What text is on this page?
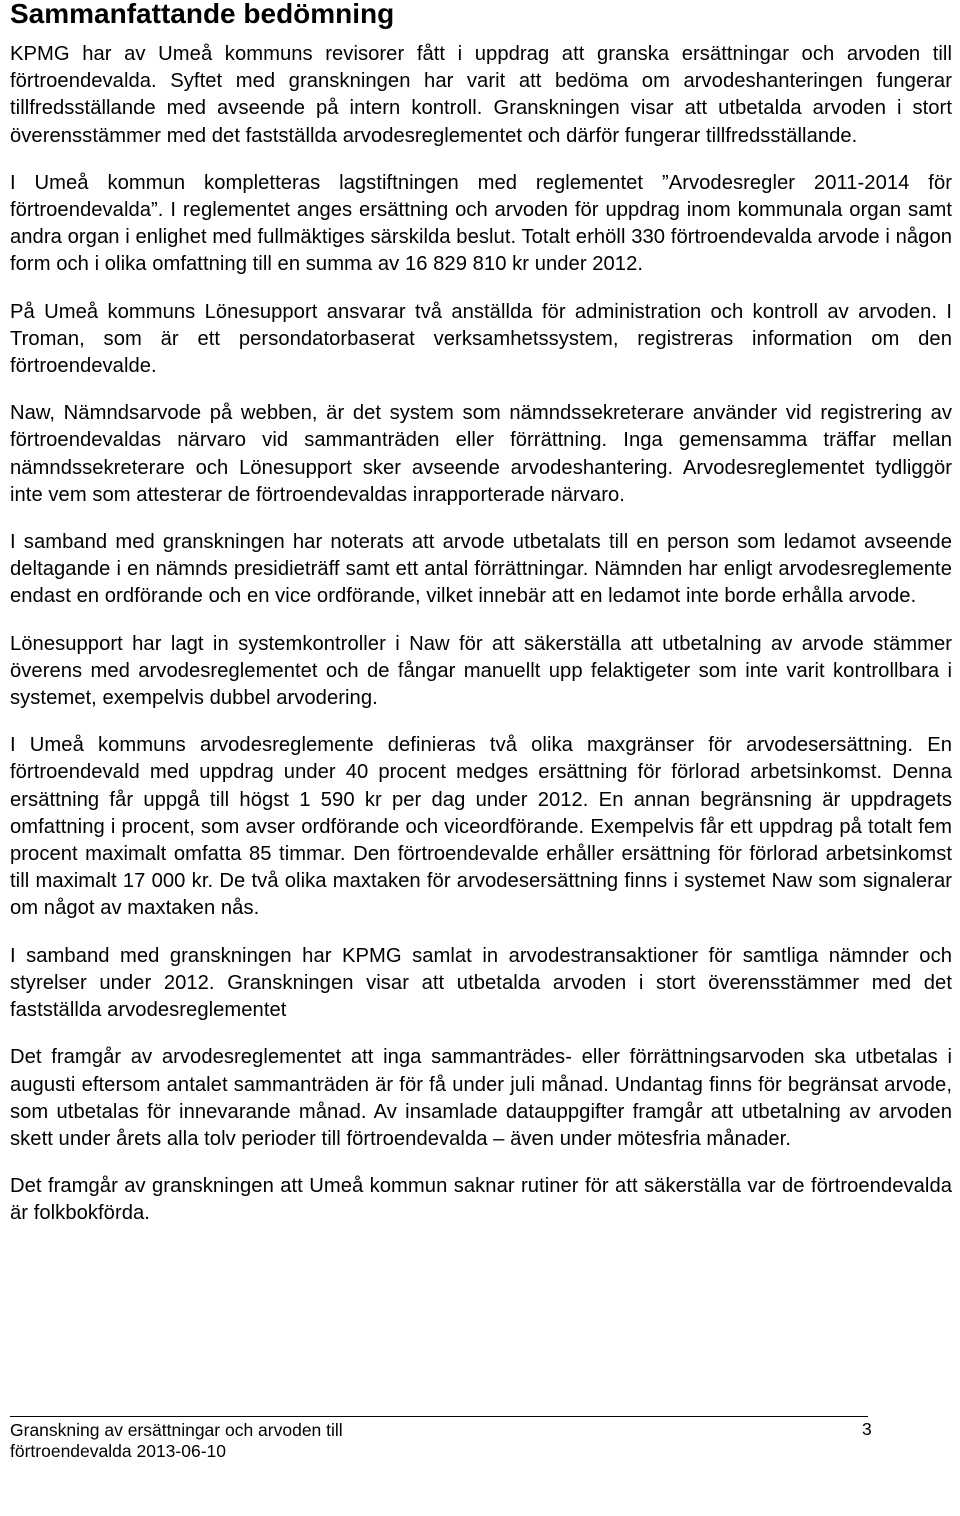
Sammanfattande bedömning

KPMG har av Umeå kommuns revisorer fått i uppdrag att granska ersättningar och arvoden till förtroendevalda. Syftet med granskningen har varit att bedöma om arvodeshanteringen fungerar tillfredsställande med avseende på intern kontroll. Granskningen visar att utbetalda arvoden i stort överensstämmer med det fastställda arvodesreglementet och därför fungerar tillfredsställande.

I Umeå kommun kompletteras lagstiftningen med reglementet ”Arvodesregler 2011-2014 för förtroendevalda”. I reglementet anges ersättning och arvoden för uppdrag inom kommunala organ samt andra organ i enlighet med fullmäktiges särskilda beslut. Totalt erhöll 330 förtroendevalda arvode i någon form och i olika omfattning till en summa av 16 829 810 kr under 2012.

På Umeå kommuns Lönesupport ansvarar två anställda för administration och kontroll av arvoden. I Troman, som är ett persondatorbaserat verksamhetssystem, registreras information om den förtroendevalde.

Naw, Nämndsarvode på webben, är det system som nämndssekreterare använder vid registrering av förtroendevaldas närvaro vid sammanträden eller förrättning. Inga gemensamma träffar mellan nämndssekreterare och Lönesupport sker avseende arvodeshantering. Arvodesreglementet tydliggör inte vem som attesterar de förtroendevaldas inrapporterade närvaro.

I samband med granskningen har noterats att arvode utbetalats till en person som ledamot avseende deltagande i en nämnds presidieträff samt ett antal förrättningar. Nämnden har enligt arvodesreglemente endast en ordförande och en vice ordförande, vilket innebär att en ledamot inte borde erhålla arvode.

Lönesupport har lagt in systemkontroller i Naw för att säkerställa att utbetalning av arvode stämmer överens med arvodesreglementet och de fångar manuellt upp felaktigeter som inte varit kontrollbara i systemet, exempelvis dubbel arvodering.

I Umeå kommuns arvodesreglemente definieras två olika maxgränser för arvodesersättning. En förtroendevald med uppdrag under 40 procent medges ersättning för förlorad arbetsinkomst. Denna ersättning får uppgå till högst 1 590 kr per dag under 2012. En annan begränsning är uppdragets omfattning i procent, som avser ordförande och viceordförande. Exempelvis får ett uppdrag på totalt fem procent maximalt omfatta 85 timmar. Den förtroendevalde erhåller ersättning för förlorad arbetsinkomst till maximalt 17 000 kr. De två olika maxtaken för arvodesersättning finns i systemet Naw som signalerar om något av maxtaken nås.

I samband med granskningen har KPMG samlat in arvodestransaktioner för samtliga nämnder och styrelser under 2012. Granskningen visar att utbetalda arvoden i stort överensstämmer med det fastställda arvodesreglementet

Det framgår av arvodesreglementet att inga sammanträdes- eller förrättningsarvoden ska utbetalas i augusti eftersom antalet sammanträden är för få under juli månad. Undantag finns för begränsat arvode, som utbetalas för innevarande månad. Av insamlade datauppgifter framgår att utbetalning av arvoden skett under årets alla tolv perioder till förtroendevalda – även under mötesfria månader.

Det framgår av granskningen att Umeå kommun saknar rutiner för att säkerställa var de förtroendevalda är folkbokförda.

Granskning av ersättningar och arvoden till
förtroendevalda 2013-06-10
3
